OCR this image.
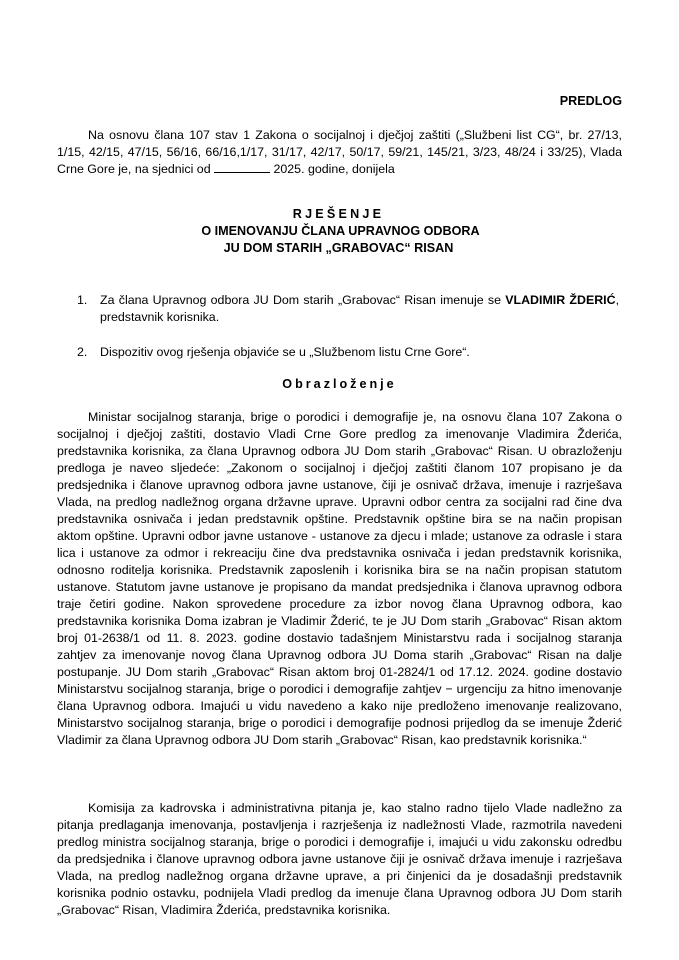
PREDLOG
Na osnovu člana 107 stav 1 Zakona o socijalnoj i dječjoj zaštiti („Službeni list CG“, br. 27/13, 1/15, 42/15, 47/15, 56/16, 66/16,1/17, 31/17, 42/17, 50/17, 59/21, 145/21, 3/23, 48/24 i 33/25), Vlada Crne Gore je, na sjednici od	2025. godine, donijela
RJEŠENJE
O IMENOVANJU ČLANA UPRAVNOG ODBORA
JU DOM STARIH „GRABOVAC“ RISAN
1. Za člana Upravnog odbora JU Dom starih „Grabovac“ Risan imenuje se VLADIMIR ŽDERIĆ, predstavnik korisnika.
2. Dispozitiv ovog rješenja objaviće se u „Službenom listu Crne Gore“.
Obrazloženje
Ministar socijalnog staranja, brige o porodici i demografije je, na osnovu člana 107 Zakona o socijalnoj i dječjoj zaštiti, dostavio Vladi Crne Gore predlog za imenovanje Vladimira Žderića, predstavnika korisnika, za člana Upravnog odbora JU Dom starih „Grabovac“ Risan. U obrazloženju predloga je naveo sljedeće: „Zakonom o socijalnoj i dječjoj zaštiti članom 107 propisano je da predsjednika i članove upravnog odbora javne ustanove, čiji je osnivač država, imenuje i razrješava Vlada, na predlog nadležnog organa državne uprave. Upravni odbor centra za socijalni rad čine dva predstavnika osnivača i jedan predstavnik opštine. Predstavnik opštine bira se na način propisan aktom opštine. Upravni odbor javne ustanove - ustanove za djecu i mlade; ustanove za odrasle i stara lica i ustanove za odmor i rekreaciju čine dva predstavnika osnivača i jedan predstavnik korisnika, odnosno roditelja korisnika. Predstavnik zaposlenih i korisnika bira se na način propisan statutom ustanove. Statutom javne ustanove je propisano da mandat predsjednika i članova upravnog odbora traje četiri godine. Nakon sprovedene procedure za izbor novog člana Upravnog odbora, kao predstavnika korisnika Doma izabran je Vladimir Žderić, te je JU Dom starih „Grabovac“ Risan aktom broj 01-2638/1 od 11. 8. 2023. godine dostavio tadašnjem Ministarstvu rada i socijalnog staranja zahtjev za imenovanje novog člana Upravnog odbora JU Doma starih „Grabovac“ Risan na dalje postupanje. JU Dom starih „Grabovac“ Risan aktom broj 01-2824/1 od 17.12. 2024. godine dostavio Ministarstvu socijalnog staranja, brige o porodici i demografije zahtjev − urgenciju za hitno imenovanje člana Upravnog odbora. Imajući u vidu navedeno a kako nije predloženo imenovanje realizovano, Ministarstvo socijalnog staranja, brige o porodici i demografije podnosi prijedlog da se imenuje Žderić Vladimir za člana Upravnog odbora JU Dom starih „Grabovac“ Risan, kao predstavnik korisnika.“
Komisija za kadrovska i administrativna pitanja je, kao stalno radno tijelo Vlade nadležno za pitanja predlaganja imenovanja, postavljenja i razrješenja iz nadležnosti Vlade, razmotrila navedeni predlog ministra socijalnog staranja, brige o porodici i demografije i, imajući u vidu zakonsku odredbu da predsjednika i članove upravnog odbora javne ustanove čiji je osnivač država imenuje i razrješava Vlada, na predlog nadležnog organa državne uprave, a pri činjenici da je dosadašnji predstavnik korisnika podnio ostavku, podnijela Vladi predlog da imenuje člana Upravnog odbora JU Dom starih „Grabovac“ Risan, Vladimira Žderića, predstavnika korisnika.
